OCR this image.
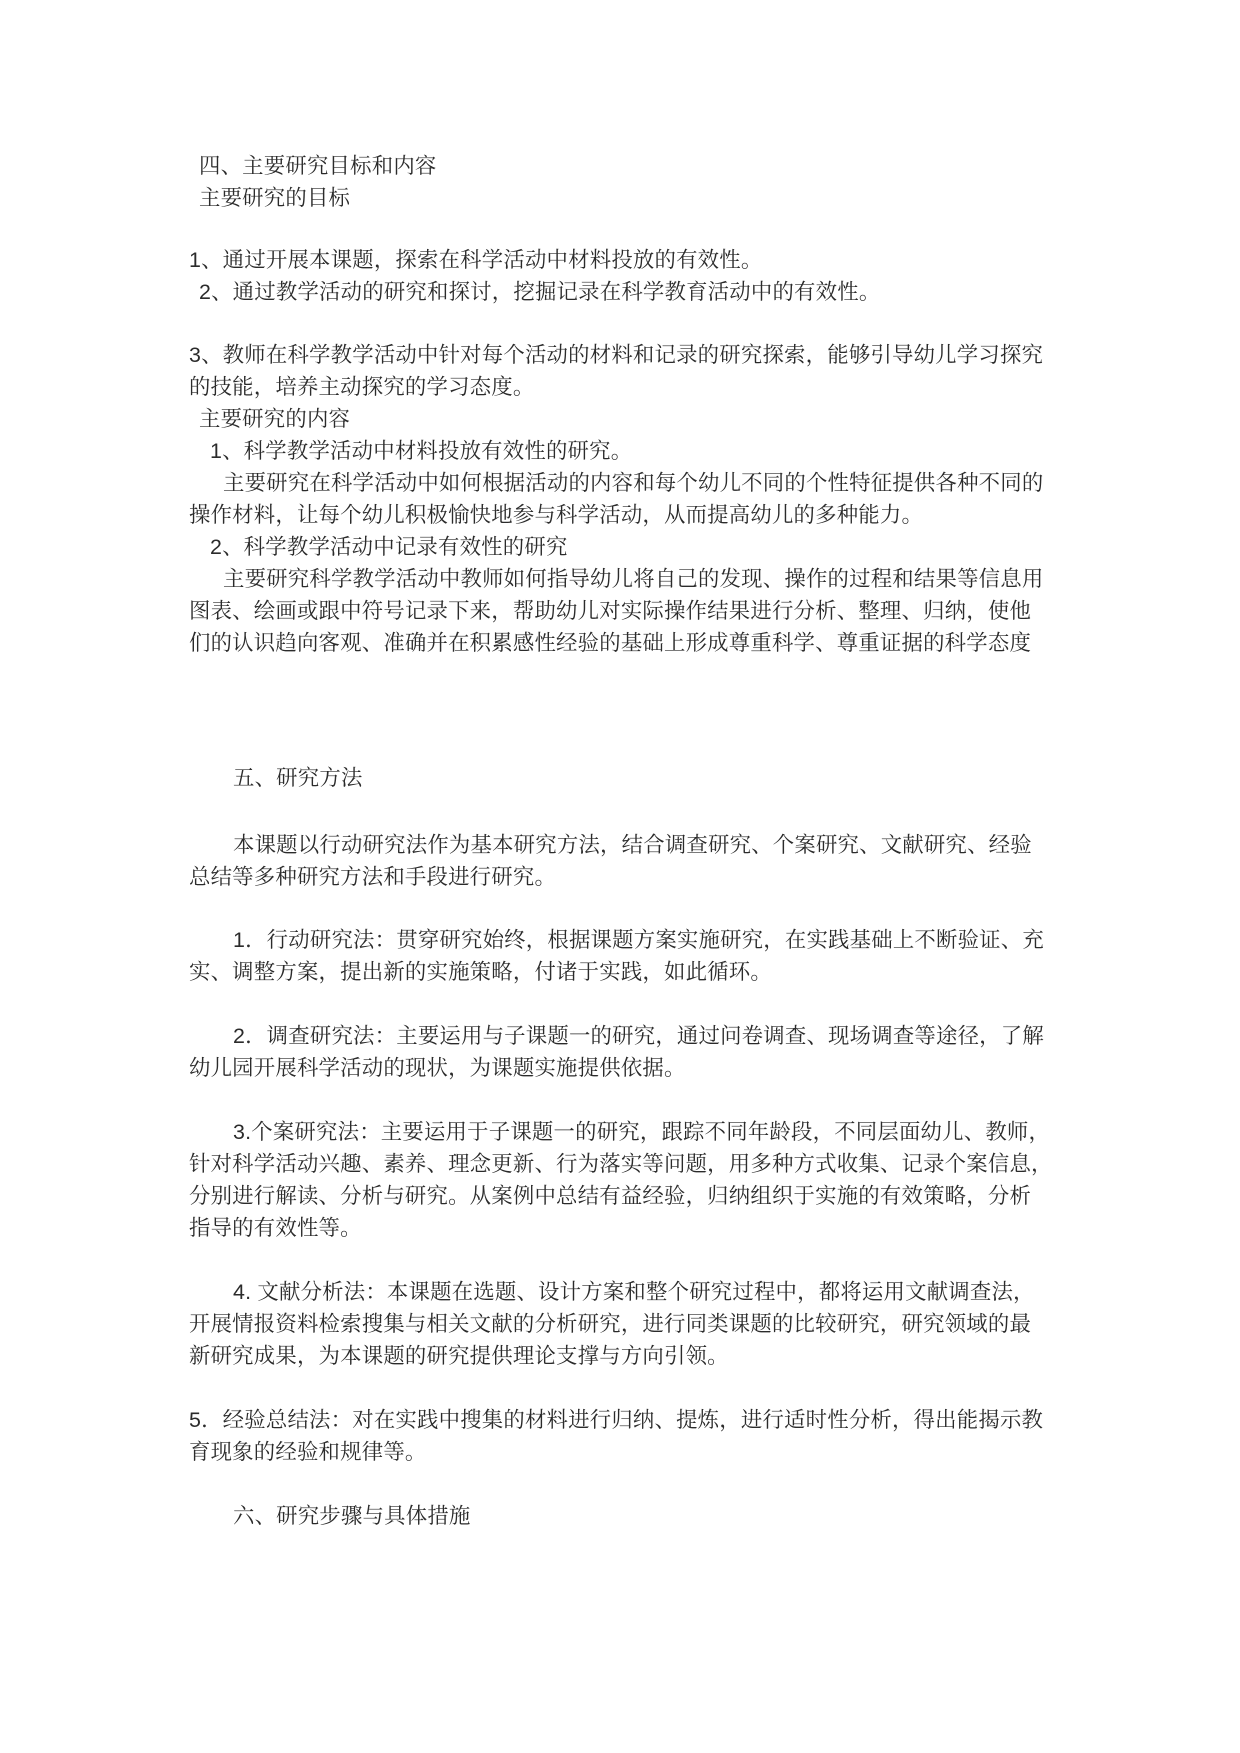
四、主要研究目标和内容
主要研究的目标
1、通过开展本课题，探索在科学活动中材料投放的有效性。
2、通过教学活动的研究和探讨，挖掘记录在科学教育活动中的有效性。
3、教师在科学教学活动中针对每个活动的材料和记录的研究探索，能够引导幼儿学习探究
的技能，培养主动探究的学习态度。
主要研究的内容
1、科学教学活动中材料投放有效性的研究。
主要研究在科学活动中如何根据活动的内容和每个幼儿不同的个性特征提供各种不同的
操作材料，让每个幼儿积极愉快地参与科学活动，从而提高幼儿的多种能力。
2、科学教学活动中记录有效性的研究
主要研究科学教学活动中教师如何指导幼儿将自己的发现、操作的过程和结果等信息用
图表、绘画或跟中符号记录下来，帮助幼儿对实际操作结果进行分析、整理、归纳，使他
们的认识趋向客观、准确并在积累感性经验的基础上形成尊重科学、尊重证据的科学态度
五、研究方法
本课题以行动研究法作为基本研究方法，结合调查研究、个案研究、文献研究、经验
总结等多种研究方法和手段进行研究。
1．行动研究法：贯穿研究始终，根据课题方案实施研究，在实践基础上不断验证、充
实、调整方案，提出新的实施策略，付诸于实践，如此循环。
2．调查研究法：主要运用与子课题一的研究，通过问卷调查、现场调查等途径，了解
幼儿园开展科学活动的现状，为课题实施提供依据。
3.个案研究法：主要运用于子课题一的研究，跟踪不同年龄段，不同层面幼儿、教师，
针对科学活动兴趣、素养、理念更新、行为落实等问题，用多种方式收集、记录个案信息，
分别进行解读、分析与研究。从案例中总结有益经验，归纳组织于实施的有效策略，分析
指导的有效性等。
4. 文献分析法：本课题在选题、设计方案和整个研究过程中，都将运用文献调查法，
开展情报资料检索搜集与相关文献的分析研究，进行同类课题的比较研究，研究领域的最
新研究成果，为本课题的研究提供理论支撑与方向引领。
5．经验总结法：对在实践中搜集的材料进行归纳、提炼，进行适时性分析，得出能揭示教
育现象的经验和规律等。
六、研究步骤与具体措施
